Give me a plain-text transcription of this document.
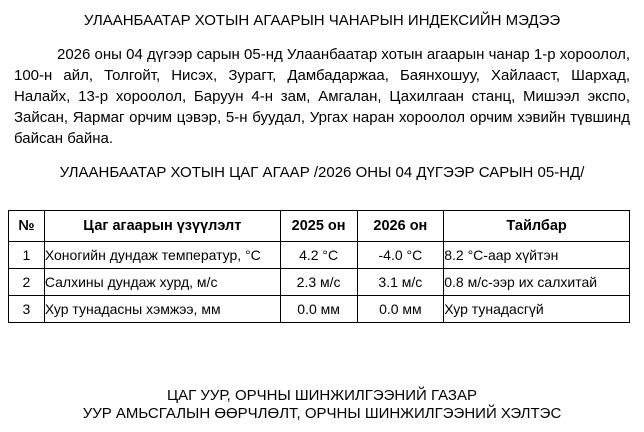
УЛААНБААТАР ХОТЫН АГААРЫН ЧАНАРЫН ИНДЕКСИЙН МЭДЭЭ

2026 оны 04 дүгээр сарын 05-нд Улаанбаатар хотын агаарын чанар 1-р хороолол, 100-н айл, Толгойт, Нисэх, Зурагт, Дамбадаржаа, Баянхошуу, Хайлааст, Шархад, Налайх, 13-р хороолол, Баруун 4-н зам, Амгалан, Цахилгаан станц, Мишээл экспо, Зайсан, Яармаг орчим цэвэр, 5-н буудал, Ургах наран хороолол орчим хэвийн түвшинд байсан байна.

УЛААНБААТАР ХОТЫН ЦАГ АГААР /2026 ОНЫ 04 ДҮГЭЭР САРЫН 05-НД/
№	Цаг агаарын үзүүлэлт	2025 он	2026 он	Тайлбар
1	Хоногийн дундаж температур, °С	4.2 °С	-4.0 °С	8.2 °С-аар хүйтэн
2	Салхины дундаж хурд, м/с	2.3 м/с	3.1 м/с	0.8 м/с-ээр их салхитай
3	Хур тунадасны хэмжээ, мм	0.0 мм	0.0 мм	Хур тунадасгүй
ЦАГ УУР, ОРЧНЫ ШИНЖИЛГЭЭНИЙ ГАЗАР
УУР АМЬСГАЛЫН ӨӨРЧЛӨЛТ, ОРЧНЫ ШИНЖИЛГЭЭНИЙ ХЭЛТЭС
